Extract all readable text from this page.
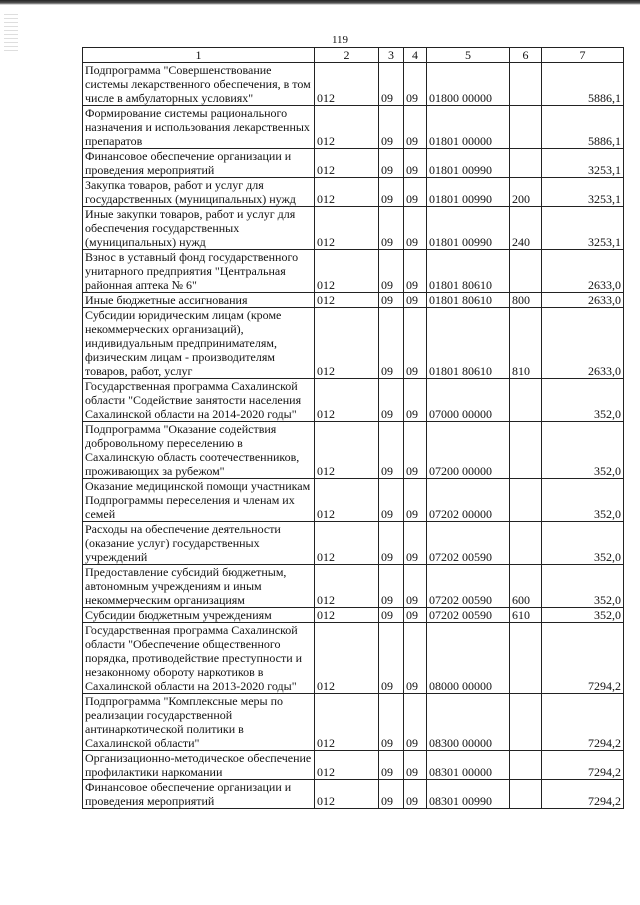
119
1	2	3	4	5	6	7
Подпрограмма "Совершенствование системы лекарственного обеспечения, в том числе в амбулаторных условиях"	012	09	09	01800 00000		5886,1
Формирование системы рационального назначения и использования лекарственных препаратов	012	09	09	01801 00000		5886,1
Финансовое обеспечение организации и проведения мероприятий	012	09	09	01801 00990		3253,1
Закупка товаров, работ и услуг для государственных (муниципальных) нужд	012	09	09	01801 00990	200	3253,1
Иные закупки товаров, работ и услуг для обеспечения государственных (муниципальных) нужд	012	09	09	01801 00990	240	3253,1
Взнос в уставный фонд государственного унитарного предприятия "Центральная районная аптека № 6"	012	09	09	01801 80610		2633,0
Иные бюджетные ассигнования	012	09	09	01801 80610	800	2633,0
Субсидии юридическим лицам (кроме некоммерческих организаций), индивидуальным предпринимателям, физическим лицам - производителям товаров, работ, услуг	012	09	09	01801 80610	810	2633,0
Государственная программа Сахалинской области "Содействие занятости населения Сахалинской области на 2014-2020 годы"	012	09	09	07000 00000		352,0
Подпрограмма "Оказание содействия добровольному переселению в Сахалинскую область соотечественников, проживающих за рубежом"	012	09	09	07200 00000		352,0
Оказание медицинской помощи участникам Подпрограммы переселения и членам их семей	012	09	09	07202 00000		352,0
Расходы на обеспечение деятельности (оказание услуг) государственных учреждений	012	09	09	07202 00590		352,0
Предоставление субсидий бюджетным, автономным учреждениям и иным некоммерческим организациям	012	09	09	07202 00590	600	352,0
Субсидии бюджетным учреждениям	012	09	09	07202 00590	610	352,0
Государственная программа Сахалинской области "Обеспечение общественного порядка, противодействие преступности и незаконному обороту наркотиков в Сахалинской области на 2013-2020 годы"	012	09	09	08000 00000		7294,2
Подпрограмма "Комплексные меры по реализации государственной антинаркотической политики в Сахалинской области"	012	09	09	08300 00000		7294,2
Организационно-методическое обеспечение профилактики наркомании	012	09	09	08301 00000		7294,2
Финансовое обеспечение организации и проведения мероприятий	012	09	09	08301 00990		7294,2
